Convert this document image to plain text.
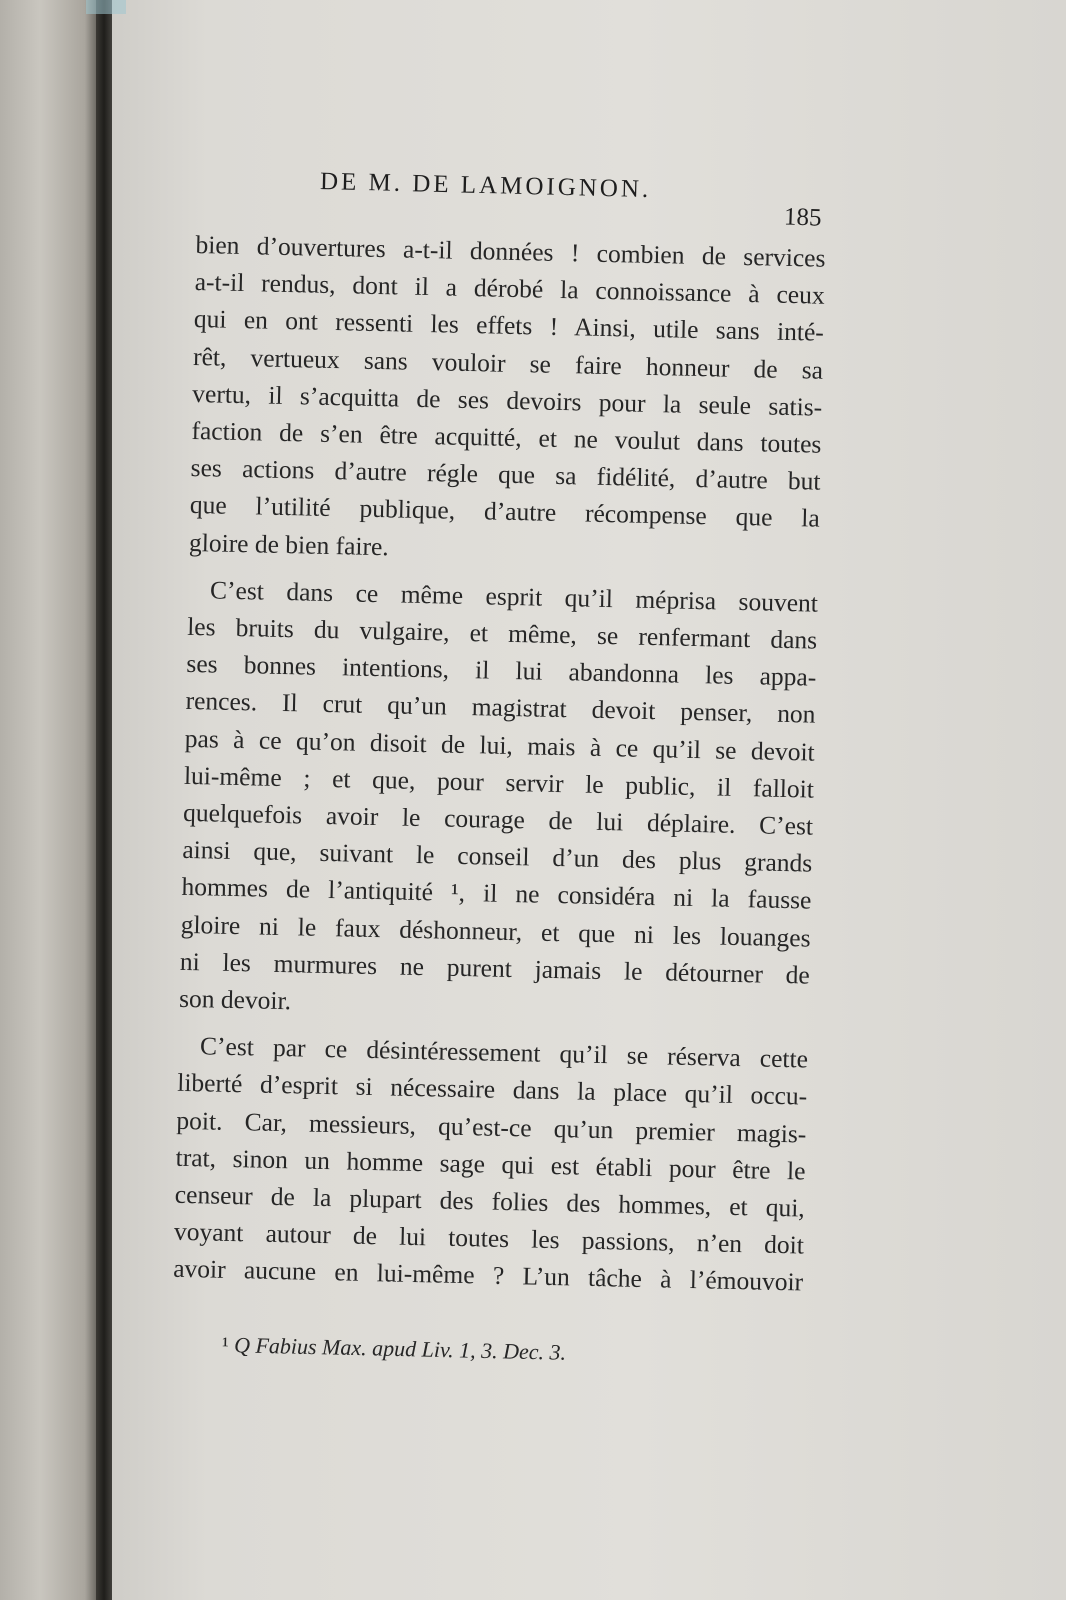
DE M. DE LAMOIGNON.
185
bien d’ouvertures a-t-il données ! combien de services
a-t-il rendus, dont il a dérobé la connoissance à ceux
qui en ont ressenti les effets ! Ainsi, utile sans inté-
rêt, vertueux sans vouloir se faire honneur de sa
vertu, il s’acquitta de ses devoirs pour la seule satis-
faction de s’en être acquitté, et ne voulut dans toutes
ses actions d’autre régle que sa fidélité, d’autre but
que l’utilité publique, d’autre récompense que la
gloire de bien faire.
C’est dans ce même esprit qu’il méprisa souvent
les bruits du vulgaire, et même, se renfermant dans
ses bonnes intentions, il lui abandonna les appa-
rences. Il crut qu’un magistrat devoit penser, non
pas à ce qu’on disoit de lui, mais à ce qu’il se devoit
lui-même ; et que, pour servir le public, il falloit
quelquefois avoir le courage de lui déplaire. C’est
ainsi que, suivant le conseil d’un des plus grands
hommes de l’antiquité ¹, il ne considéra ni la fausse
gloire ni le faux déshonneur, et que ni les louanges
ni les murmures ne purent jamais le détourner de
son devoir.
C’est par ce désintéressement qu’il se réserva cette
liberté d’esprit si nécessaire dans la place qu’il occu-
poit. Car, messieurs, qu’est-ce qu’un premier magis-
trat, sinon un homme sage qui est établi pour être le
censeur de la plupart des folies des hommes, et qui,
voyant autour de lui toutes les passions, n’en doit
avoir aucune en lui-même ? L’un tâche à l’émouvoir
¹ Q Fabius Max. apud Liv. 1, 3. Dec. 3.
